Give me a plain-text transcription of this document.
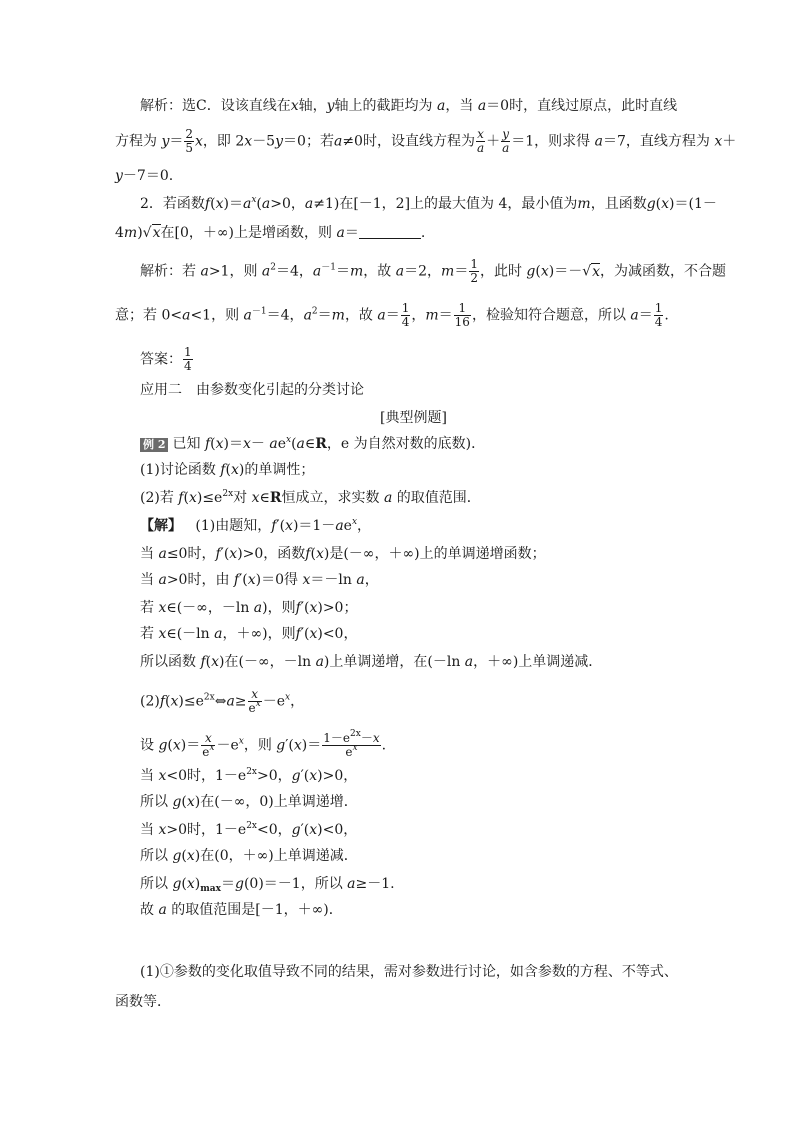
解析：选C．设该直线在x轴，y轴上的截距均为 a，当 a＝0时，直线过原点，此时直线
方程为 $y= \frac{2}{5}$ x，即 2x－5y＝0；若a≠0时，设直线方程为 $\frac{x}{a} + \frac{y}{a} =1$，则求得 a＝7，直线方程为 x＋
y－7＝0.
2．若函数$f(x)=a^x(a>0$，a≠1)在[－1，2]上的最大值为 4，最小值为m，且函数g(x)＝(1－
4m)√x在[0，＋∞)上是增函数，则 a＝	.
解析：若 a>1，则 $a^2=4$，$a^{-1}=m$，故 a＝2，$m= \frac{1}{2}$ ，此时 g(x)＝－√x，为减函数，不合题
意；若 0<a<1，则 $a^{-1}=4$，$a^2=m$，故 $a= \frac{1}{4}$ ，$m= \frac{1}{16}$ ，检验知符合题意，所以 $a= \frac{1}{4}$ .
答案： $\frac{1}{4}$
应用二　由参数变化引起的分类讨论
[典型例题]
例 2 已知 $f(x)=x- ae^x(a\in R$，e 为自然对数的底数)．
(1)讨论函数 f(x)的单调性；
(2)若 $f(x)\le e^{2x}$对 x∈R恒成立，求实数 a 的取值范围．
【解】 (1)由题知，$f'(x)=1-ae^x$，
当 a≤0时，f′(x)>0，函数f(x)是(－∞，＋∞)上的单调递增函数；
当 a>0时，由 f′(x)＝0得 x＝－ln a，
若 x∈(－∞，－ln a)，则f′(x)>0；
若 x∈(－ln a，＋∞)，则f′(x)<0，
所以函数 f(x)在(－∞，－ln a)上单调递增，在(－ln a，＋∞)上单调递减．
$(2)f(x)\le e^{2x}\Leftrightarrow a\ge \frac{x}{e^x} -e^x$，
设 $g(x)= \frac{x}{e^x} -e^x$，则 $g'(x)= \frac{1-e^{2x}-x}{e^x}$ .
当 x<0时，$1-e^{2x}>0$，g′(x)>0，
所以 g(x)在(－∞，0)上单调递增．
当 x>0时，$1-e^{2x}<0$，g′(x)<0，
所以 g(x)在(0，＋∞)上单调递减．
所以 $g(x)_{max}=g(0)=-1$，所以 a≥－1.
故 a 的取值范围是[－1，＋∞)．
(1)①参数的变化取值导致不同的结果，需对参数进行讨论，如含参数的方程、不等式、
函数等．
